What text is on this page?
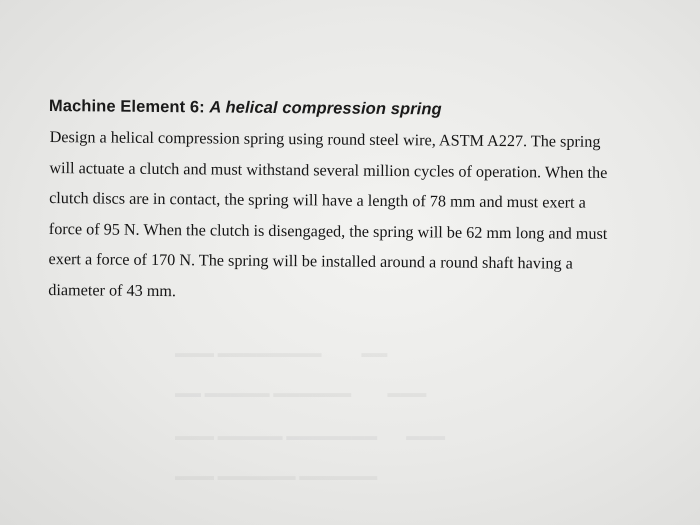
Machine Element 6: A helical compression spring

Design a helical compression spring using round steel wire, ASTM A227. The spring
will actuate a clutch and must withstand several million cycles of operation. When the
clutch discs are in contact, the spring will have a length of 78 mm and must exert a
force of 95 N. When the clutch is disengaged, the spring will be 62 mm long and must
exert a force of 170 N. The spring will be installed around a round shaft having a
diameter of 43 mm.
